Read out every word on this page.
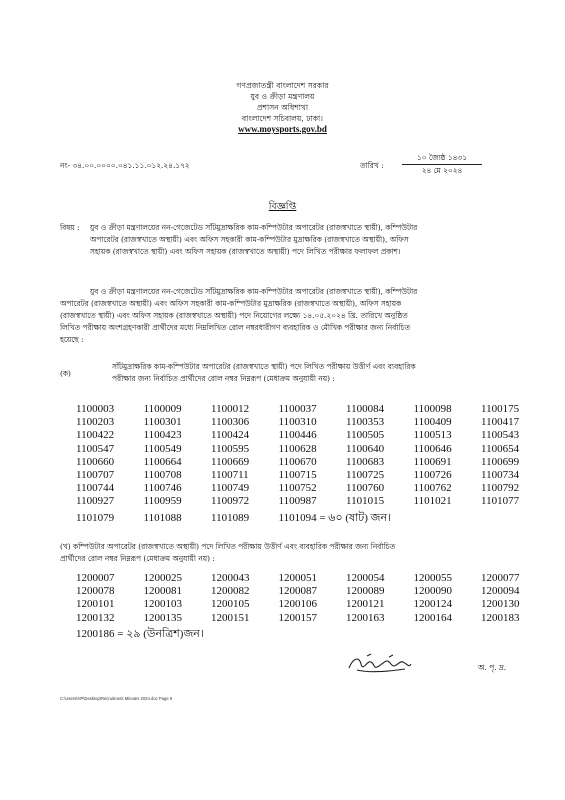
গণপ্রজাতন্ত্রী বাংলাদেশ সরকার
যুব ও ক্রীড়া মন্ত্রণালয়
প্রশাসন অধিশাখা
বাংলাদেশ সচিবালয়, ঢাকা।
www.moysports.gov.bd
নং- ৩৪.০০.০০০০.০৪১.১১.০১২.২৪.১৭২	তারিখ :
১০ জ্যৈষ্ঠ ১৪৩১
২৪ মে ২০২৪
বিজ্ঞপ্তি
বিষয় : যুব ও ক্রীড়া মন্ত্রণালয়ের নন-গেজেটেড সাঁটমুদ্রাক্ষরিক কাম-কম্পিউটার অপারেটর (রাজস্বখাতে স্থায়ী), কম্পিউটার
অপারেটর (রাজস্বখাতে অস্থায়ী) এবং অফিস সহকারী কাম-কম্পিউটার মুদ্রাক্ষরিক (রাজস্বখাতে অস্থায়ী), অফিস
সহায়ক (রাজস্বখাতে স্থায়ী) এবং অফিস সহায়ক (রাজস্বখাতে অস্থায়ী) পদে লিখিত পরীক্ষার ফলাফল প্রকাশ।
যুব ও ক্রীড়া মন্ত্রণালয়ের নন-গেজেটেড সাঁটমুদ্রাক্ষরিক কাম-কম্পিউটার অপারেটর (রাজস্বখাতে স্থায়ী), কম্পিউটার
অপারেটর (রাজস্বখাতে অস্থায়ী) এবং অফিস সহকারী কাম-কম্পিউটার মুদ্রাক্ষরিক (রাজস্বখাতে অস্থায়ী), অফিস সহায়ক
(রাজস্বখাতে স্থায়ী) এবং অফিস সহায়ক (রাজস্বখাতে অস্থায়ী) পদে নিয়োগের লক্ষ্যে ১৪.০৫.২০২৪ খ্রি. তারিখে অনুষ্ঠিত
লিখিত পরীক্ষায় অংশগ্রহণকারী প্রার্থীদের মধ্যে নিম্নলিখিত রোল নম্বরধারীগণ ব্যবহারিক ও মৌখিক পরীক্ষার জন্য নির্বাচিত
হয়েছে :
(ক)
সাঁটমুদ্রাক্ষরিক কাম-কম্পিউটার অপারেটর (রাজস্বখাতে স্থায়ী) পদে লিখিত পরীক্ষায় উত্তীর্ণ এবং ব্যবহারিক
পরীক্ষার জন্য নির্বাচিত প্রার্থীদের রোল নম্বর নিম্নরূপ (মেধাক্রম অনুযায়ী নয়) :
1100003	1100009	1100012	1100037	1100084	1100098	1100175
1100203	1100301	1100306	1100310	1100353	1100409	1100417
1100422	1100423	1100424	1100446	1100505	1100513	1100543
1100547	1100549	1100595	1100628	1100640	1100646	1100654
1100660	1100664	1100669	1100670	1100683	1100691	1100699
1100707	1100708	1100711	1100715	1100725	1100726	1100734
1100744	1100746	1100749	1100752	1100760	1100762	1100792
1100927	1100959	1100972	1100987	1101015	1101021	1101077
1101079	1101088	1101089	1101094 = ৬০ (ষাট) জন।
(খ) কম্পিউটার অপারেটর (রাজস্বখাতে অস্থায়ী) পদে লিখিত পরীক্ষায় উত্তীর্ণ এবং ব্যবহারিক পরীক্ষার জন্য নির্বাচিত
প্রার্থীদের রোল নম্বর নিম্নরূপ (মেধাক্রম অনুযায়ী নয়) :
1200007	1200025	1200043	1200051	1200054	1200055	1200077
1200078	1200081	1200082	1200087	1200089	1200090	1200094
1200101	1200103	1200105	1200106	1200121	1200124	1200130
1200132	1200135	1200151	1200157	1200163	1200164	1200183
1200186 = ২৯ (উনত্রিশ)জন।
অ. পৃ. দ্র.
C:\Users\HP\Desktop\Recruitment Minutes 2024.doc Page 9
